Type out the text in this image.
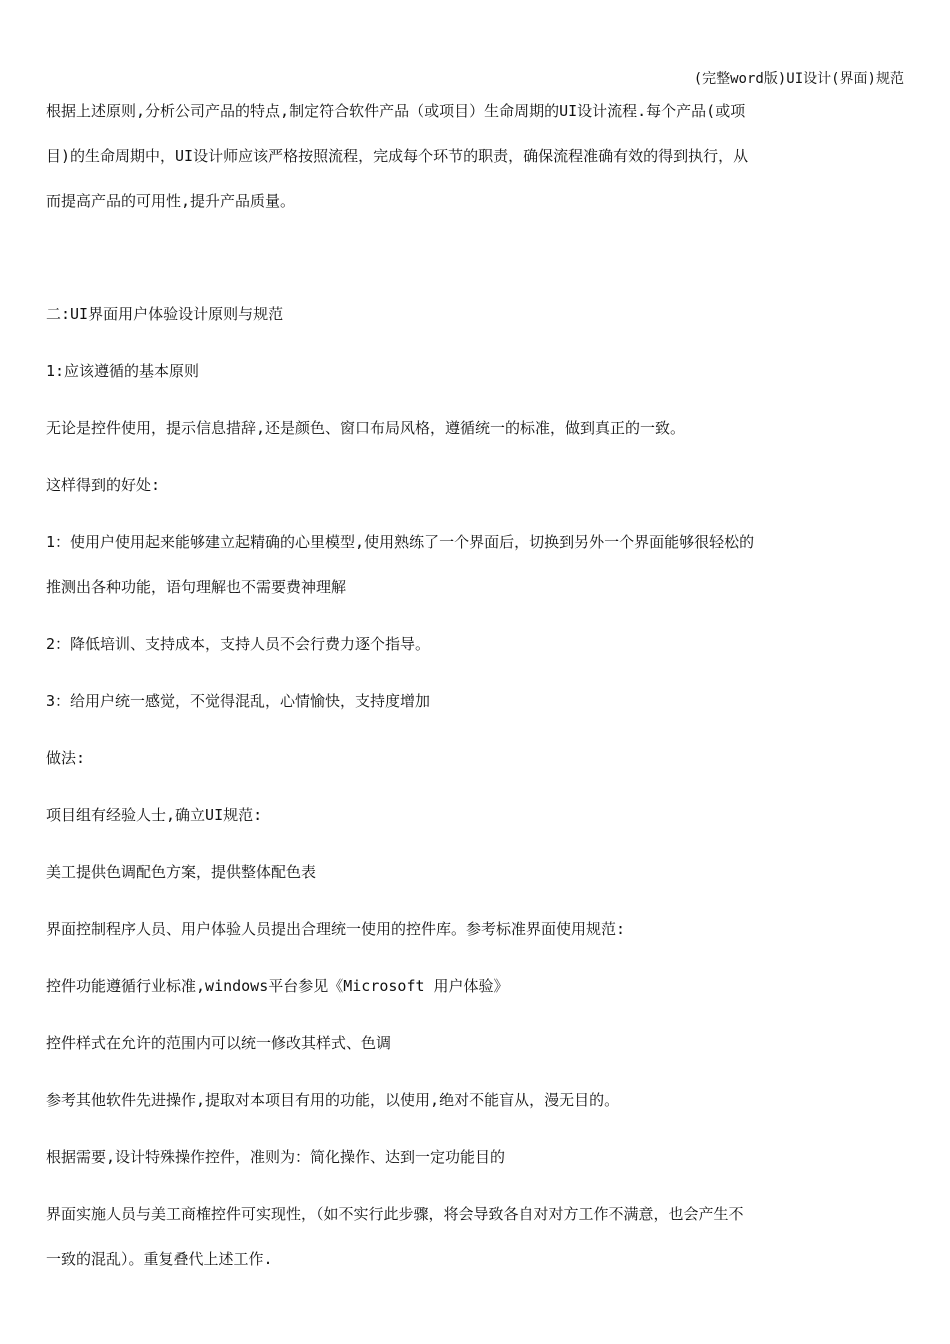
(完整word版)UI设计(界面)规范
根据上述原则,分析公司产品的特点,制定符合软件产品（或项目）生命周期的UI设计流程.每个产品(或项
目)的生命周期中，UI设计师应该严格按照流程，完成每个环节的职责，确保流程准确有效的得到执行，从
而提高产品的可用性,提升产品质量。
二:UI界面用户体验设计原则与规范
1:应该遵循的基本原则
无论是控件使用，提示信息措辞,还是颜色、窗口布局风格，遵循统一的标准，做到真正的一致。
这样得到的好处:
1：使用户使用起来能够建立起精确的心里模型,使用熟练了一个界面后，切换到另外一个界面能够很轻松的
推测出各种功能，语句理解也不需要费神理解
2：降低培训、支持成本，支持人员不会行费力逐个指导。
3：给用户统一感觉，不觉得混乱，心情愉快，支持度增加
做法:
项目组有经验人士,确立UI规范:
美工提供色调配色方案，提供整体配色表
界面控制程序人员、用户体验人员提出合理统一使用的控件库。参考标准界面使用规范:
控件功能遵循行业标准,windows平台参见《Microsoft 用户体验》
控件样式在允许的范围内可以统一修改其样式、色调
参考其他软件先进操作,提取对本项目有用的功能，以使用,绝对不能盲从，漫无目的。
根据需要,设计特殊操作控件，准则为：简化操作、达到一定功能目的
界面实施人员与美工商榷控件可实现性，（如不实行此步骤，将会导致各自对对方工作不满意，也会产生不
一致的混乱）。重复叠代上述工作.
